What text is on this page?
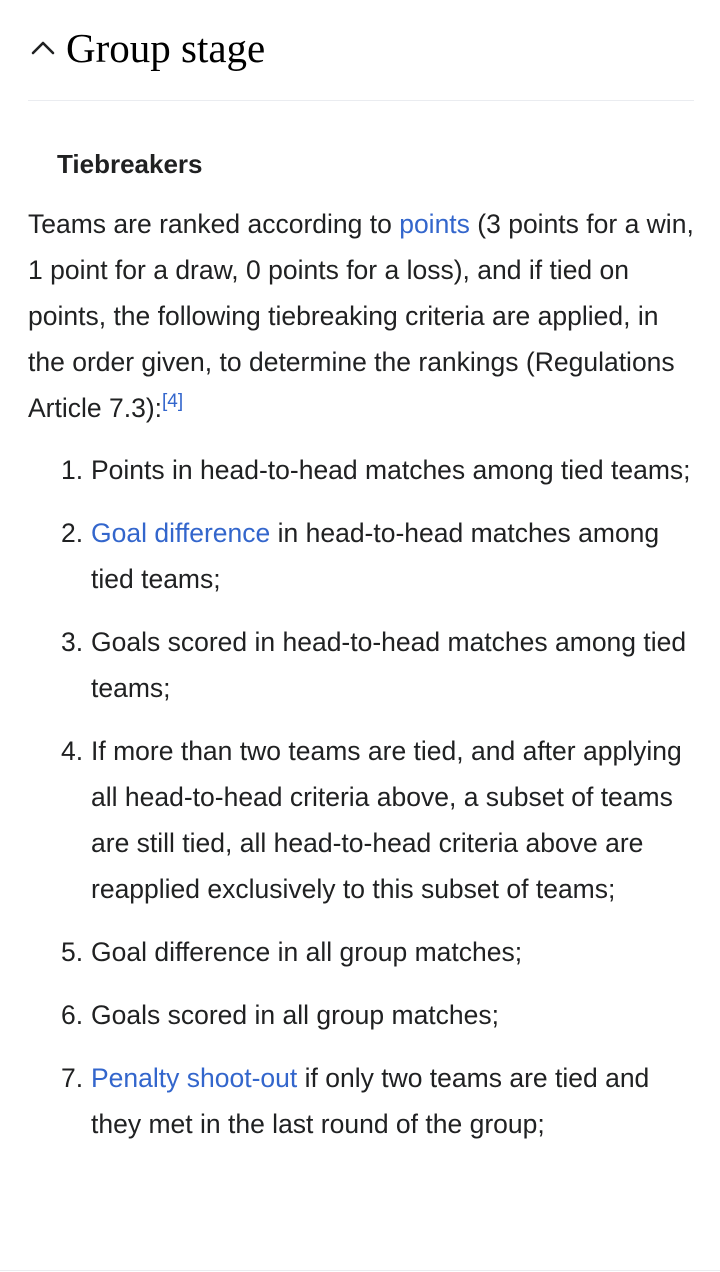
Group stage
Tiebreakers

Teams are ranked according to points (3 points for a win, 1 point for a draw, 0 points for a loss), and if tied on points, the following tiebreaking criteria are applied, in the order given, to determine the rankings (Regulations Article 7.3):[4]

1. Points in head-to-head matches among tied teams;
2. Goal difference in head-to-head matches among tied teams;
3. Goals scored in head-to-head matches among tied teams;
4. If more than two teams are tied, and after applying all head-to-head criteria above, a subset of teams are still tied, all head-to-head criteria above are reapplied exclusively to this subset of teams;
5. Goal difference in all group matches;
6. Goals scored in all group matches;
7. Penalty shoot-out if only two teams are tied and they met in the last round of the group;
